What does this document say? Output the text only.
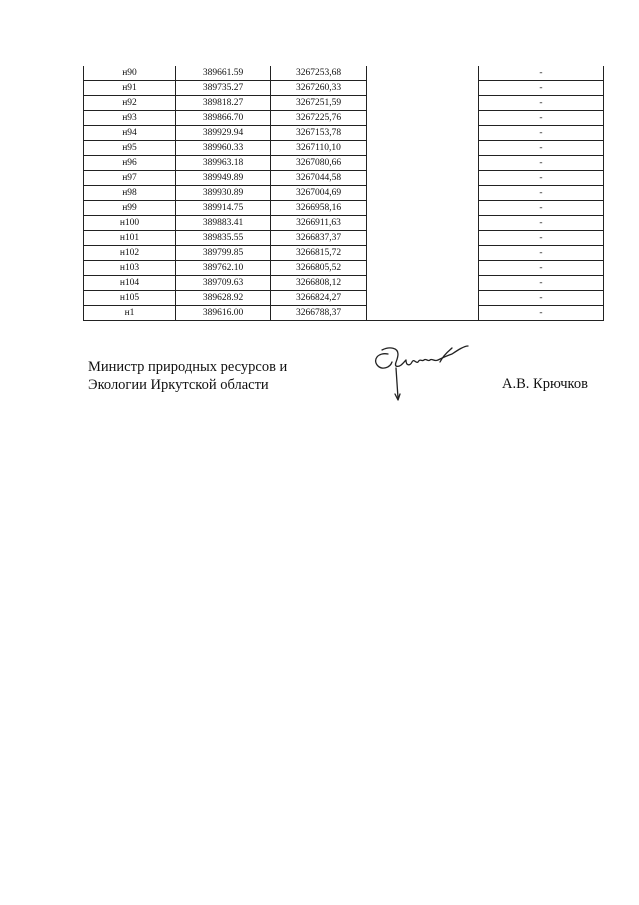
н90	389661.59	3267253,68		-
н91	389735.27	3267260,33		-
н92	389818.27	3267251,59		-
н93	389866.70	3267225,76		-
н94	389929.94	3267153,78		-
н95	389960.33	3267110,10		-
н96	389963.18	3267080,66		-
н97	389949.89	3267044,58		-
н98	389930.89	3267004,69		-
н99	389914.75	3266958,16		-
н100	389883.41	3266911,63		-
н101	389835.55	3266837,37		-
н102	389799.85	3266815,72		-
н103	389762.10	3266805,52		-
н104	389709.63	3266808,12		-
н105	389628.92	3266824,27		-
н1	389616.00	3266788,37		-
Министр природных ресурсов и
Экологии Иркутской области	А.В. Крючков
